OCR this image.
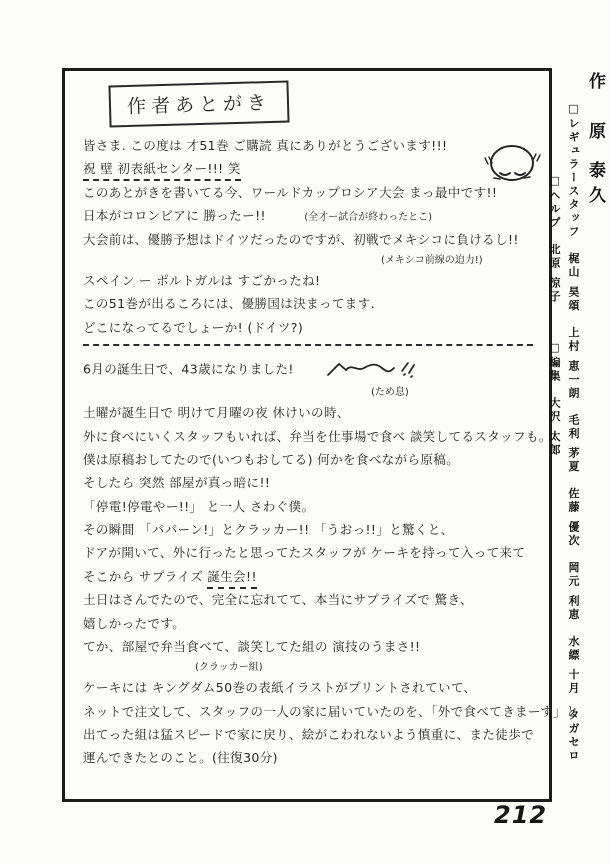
作者あとがき
皆さま. この度は 才51巻 ご購読 真にありがとうございます!!!
祝 壁 初表紙センター!!! 笑
このあとがきを書いてる今、ワールドカップロシア大会 まっ最中です!!
日本がコロンビアに 勝ったー!!	(全才ー試合が終わったとこ)
大会前は、優勝予想はドイツだったのですが、初戦でメキシコに負けるし!!
(メキシコ前線の迫力!)
スペイン ー ポルトガルは すごかったね!
この51巻が出るころには、優勝国は決まってます.
どこになってるでしょーか! (ドイツ?)
6月の誕生日で、43歳になりました!
(ため息)
土曜が誕生日で 明けて月曜の夜 休けいの時、
外に食べにいくスタッフもいれば、弁当を仕事場で食べ 談笑してるスタッフも。
僕は原稿おしてたので(いつもおしてる) 何かを食べながら原稿。
そしたら 突然 部屋が真っ暗に!!
「停電!停電やー!!」 と一人 さわぐ僕。
その瞬間 「パパーン!」とクラッカー!! 「うおっ!!」と驚くと、
ドアが開いて、外に行ったと思ってたスタッフが ケーキを持って入って来て
そこから サプライズ 誕生会!!
土日はさんでたので、完全に忘れてて、本当にサプライズで 驚き、
嬉しかったです。
てか、部屋で弁当食べて、談笑してた組の 演技のうまさ!!
(クラッカー組)
ケーキには キングダム50巻の表紙イラストがプリントされていて、
ネットで注文して、スタッフの一人の家に届いていたのを、「外で食べてきまーす」と
出てった組は猛スピードで家に戻り、絵がこわれないよう慎重に、また徒歩で
運んできたとのこと。(往復30分)
作　原 泰久 □レギュラースタッフ　梶山 昊頌　上村 恵一朗　毛利 茅夏　佐藤 優次　岡元 利恵　水縹 十月　タガセロ □ヘルプ　北原 涼子 □編集　大沢 太郎
212
